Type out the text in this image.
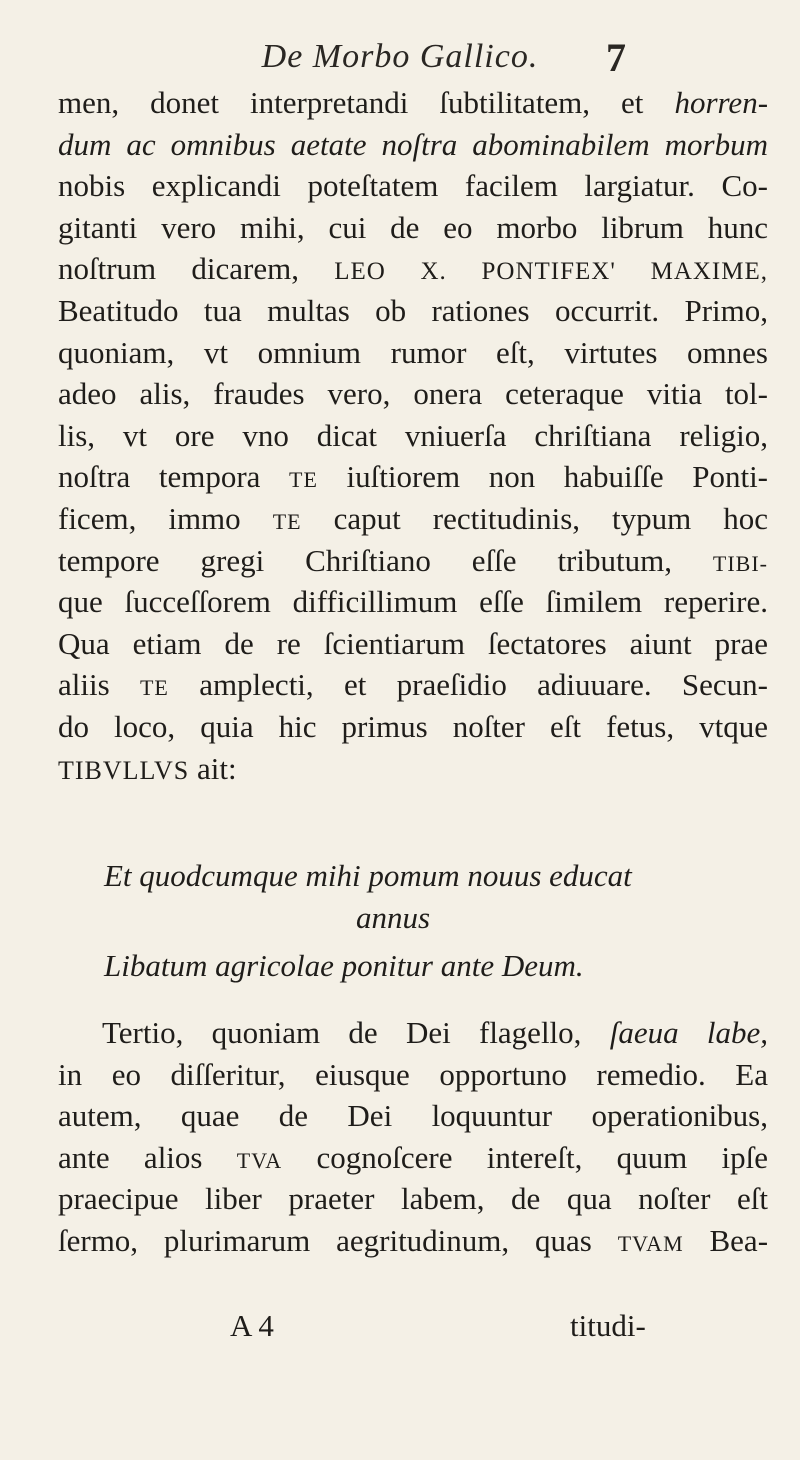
De Morbo Gallico.	7
men, donet interpretandi ſubtilitatem, et horren-
dum ac omnibus aetate noſtra abominabilem morbum
nobis explicandi poteſtatem facilem largiatur. Co-
gitanti vero mihi, cui de eo morbo librum hunc
noſtrum dicarem, LEO X. PONTIFEX' MAXIME,
Beatitudo tua multas ob rationes occurrit. Primo,
quoniam, vt omnium rumor eſt, virtutes omnes
adeo alis, fraudes vero, onera ceteraque vitia tol-
lis, vt ore vno dicat vniuerſa chriſtiana religio,
noſtra tempora TE iuſtiorem non habuiſſe Ponti-
ficem, immo TE caput rectitudinis, typum hoc
tempore gregi Chriſtiano eſſe tributum, TIBI-
que ſucceſſorem difficillimum eſſe ſimilem reperire.
Qua etiam de re ſcientiarum ſectatores aiunt prae
aliis TE amplecti, et praeſidio adiuuare. Secun-
do loco, quia hic primus noſter eſt fetus, vtque
TIBVLLVS ait:
Et quodcumque mihi pomum nouus educat
annus
Libatum agricolae ponitur ante Deum.
Tertio, quoniam de Dei flagello, ſaeua labe,
in eo diſſeritur, eiusque opportuno remedio. Ea
autem, quae de Dei loquuntur operationibus,
ante alios TVA cognoſcere intereſt, quum ipſe
praecipue liber praeter labem, de qua noſter eſt
ſermo, plurimarum aegritudinum, quas TVAM Bea-
A 4	titudi-
